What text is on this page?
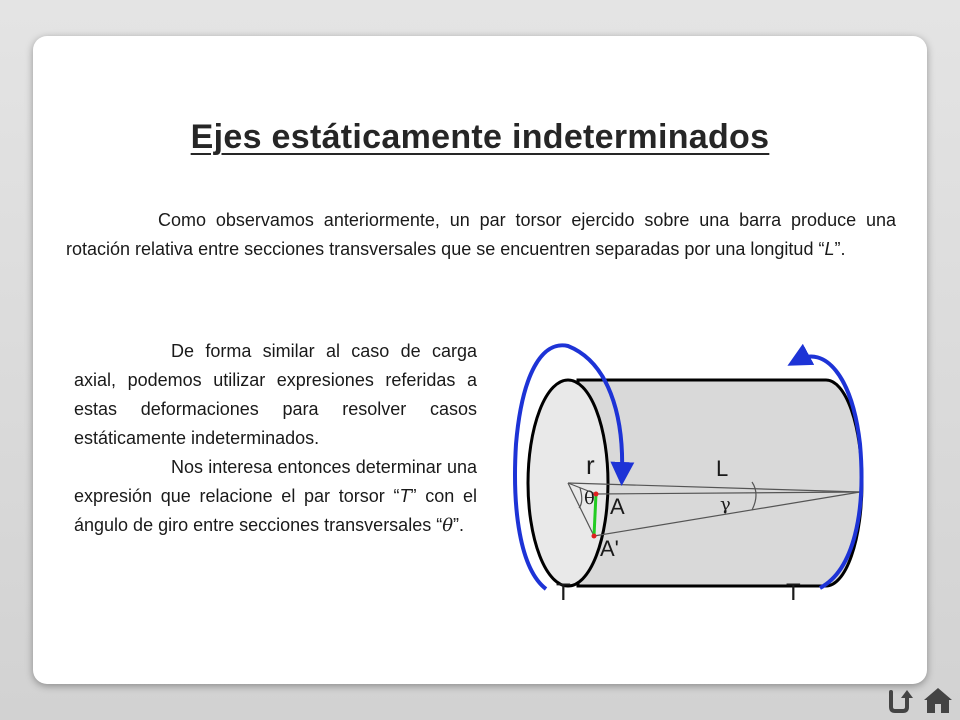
Ejes estáticamente indeterminados

Como observamos anteriormente, un par torsor ejercido sobre una barra produce una rotación relativa entre secciones transversales que se encuentren separadas por una longitud “L”.

De forma similar al caso de carga axial, podemos utilizar expresiones referidas a estas deformaciones para resolver casos estáticamente indeterminados.

Nos interesa entonces determinar una expresión que relacione el par torsor “T” con el ángulo de giro entre secciones transversales “θ”.

r
θ A
A'
L
γ
T	T
